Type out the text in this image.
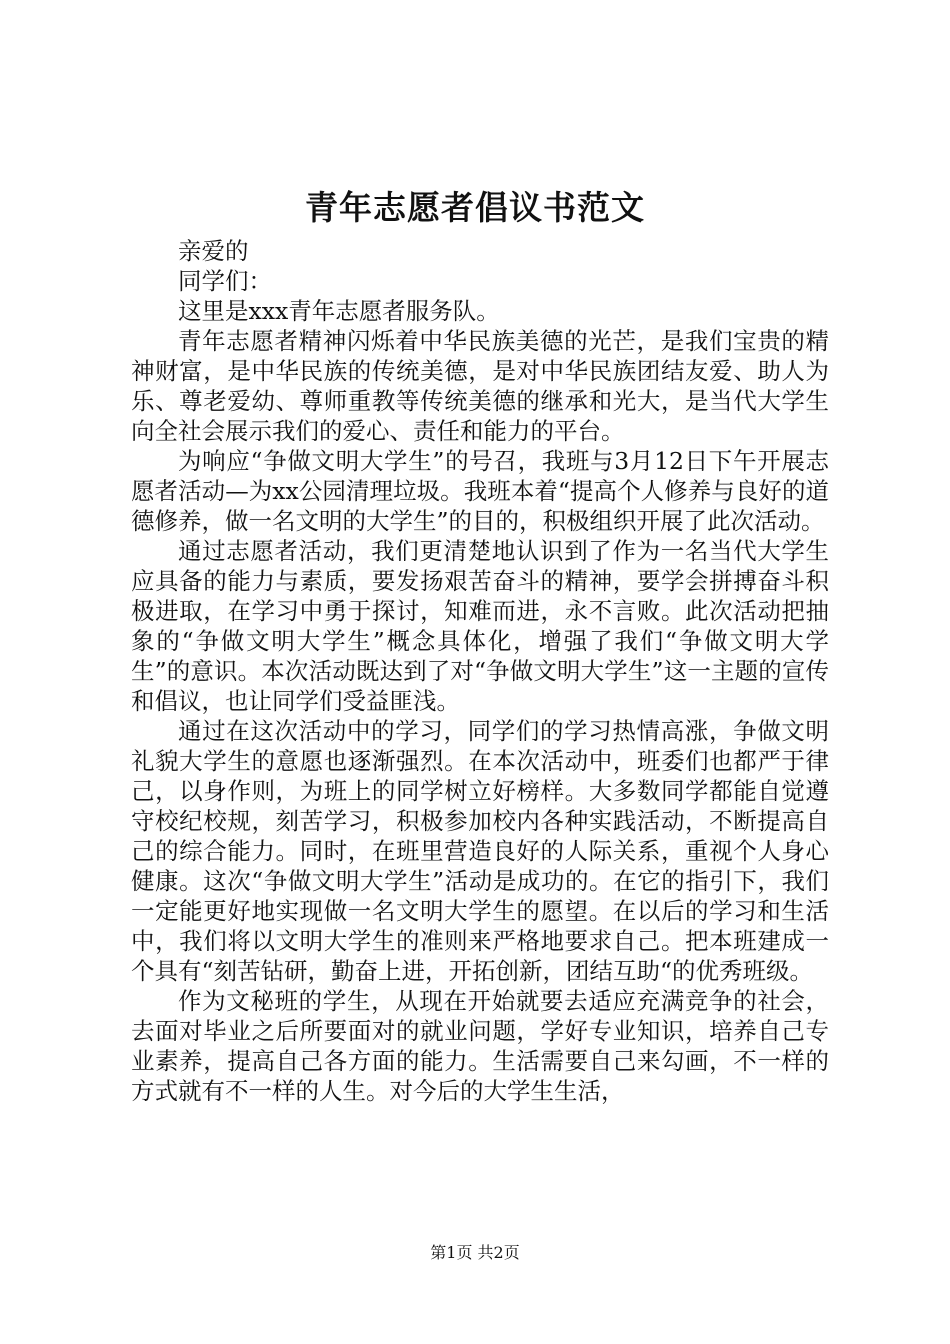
青年志愿者倡议书范文

亲爱的

同学们：

这里是xxx青年志愿者服务队。

青年志愿者精神闪烁着中华民族美德的光芒，是我们宝贵的精神财富，是中华民族的传统美德，是对中华民族团结友爱、助人为乐、尊老爱幼、尊师重教等传统美德的继承和光大，是当代大学生向全社会展示我们的爱心、责任和能力的平台。

为响应“争做文明大学生”的号召，我班与3月12日下午开展志愿者活动—为xx公园清理垃圾。我班本着“提高个人修养与良好的道德修养，做一名文明的大学生”的目的，积极组织开展了此次活动。

通过志愿者活动，我们更清楚地认识到了作为一名当代大学生应具备的能力与素质，要发扬艰苦奋斗的精神，要学会拼搏奋斗积极进取，在学习中勇于探讨，知难而进，永不言败。此次活动把抽象的“争做文明大学生”概念具体化，增强了我们“争做文明大学生”的意识。本次活动既达到了对“争做文明大学生”这一主题的宣传和倡议，也让同学们受益匪浅。

通过在这次活动中的学习，同学们的学习热情高涨，争做文明礼貌大学生的意愿也逐渐强烈。在本次活动中，班委们也都严于律己，以身作则，为班上的同学树立好榜样。大多数同学都能自觉遵守校纪校规，刻苦学习，积极参加校内各种实践活动，不断提高自己的综合能力。同时，在班里营造良好的人际关系，重视个人身心健康。这次“争做文明大学生”活动是成功的。在它的指引下，我们一定能更好地实现做一名文明大学生的愿望。在以后的学习和生活中，我们将以文明大学生的准则来严格地要求自己。把本班建成一个具有“刻苦钻研，勤奋上进，开拓创新，团结互助“的优秀班级。

作为文秘班的学生，从现在开始就要去适应充满竞争的社会，去面对毕业之后所要面对的就业问题，学好专业知识，培养自己专业素养，提高自己各方面的能力。生活需要自己来勾画，不一样的方式就有不一样的人生。对今后的大学生生活，

第1页 共2页
